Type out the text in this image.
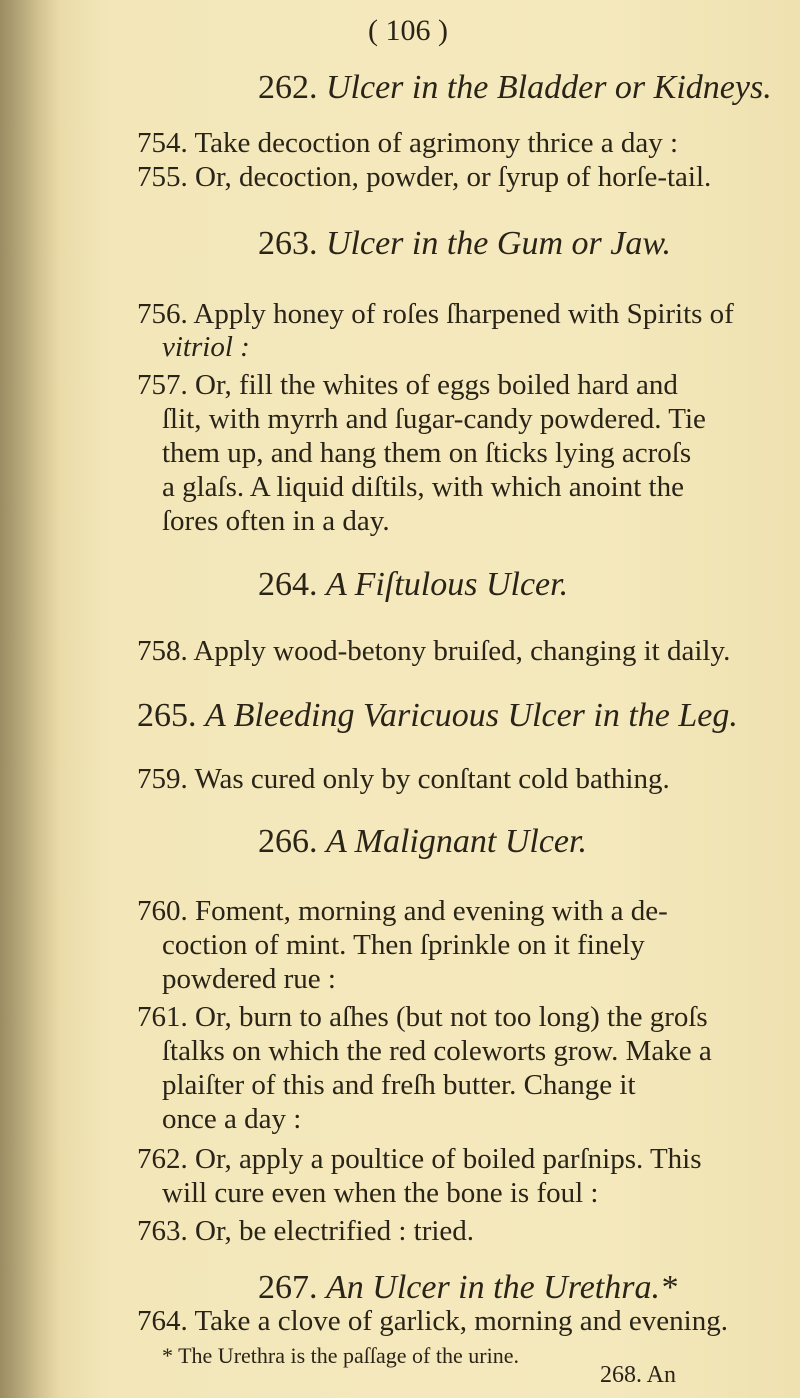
( 106 )
262. Ulcer in the Bladder or Kidneys.
754. Take decoction of agrimony thrice a day :
755. Or, decoction, powder, or ſyrup of horſe-tail.
263. Ulcer in the Gum or Jaw.
756. Apply honey of roſes ſharpened with Spirits of
vitriol :
757. Or, fill the whites of eggs boiled hard and
ſlit, with myrrh and ſugar-candy powdered. Tie
them up, and hang them on ſticks lying acroſs
a glaſs. A liquid diſtils, with which anoint the
ſores often in a day.
264. A Fiſtulous Ulcer.
758. Apply wood-betony bruiſed, changing it daily.
265. A Bleeding Varicuous Ulcer in the Leg.
759. Was cured only by conſtant cold bathing.
266. A Malignant Ulcer.
760. Foment, morning and evening with a de-
coction of mint. Then ſprinkle on it finely
powdered rue :
761. Or, burn to aſhes (but not too long) the groſs
ſtalks on which the red coleworts grow. Make a
plaiſter of this and freſh butter. Change it
once a day :
762. Or, apply a poultice of boiled parſnips. This
will cure even when the bone is foul :
763. Or, be electrified : tried.
267. An Ulcer in the Urethra.*
764. Take a clove of garlick, morning and evening.
* The Urethra is the paſſage of the urine.
268. An
